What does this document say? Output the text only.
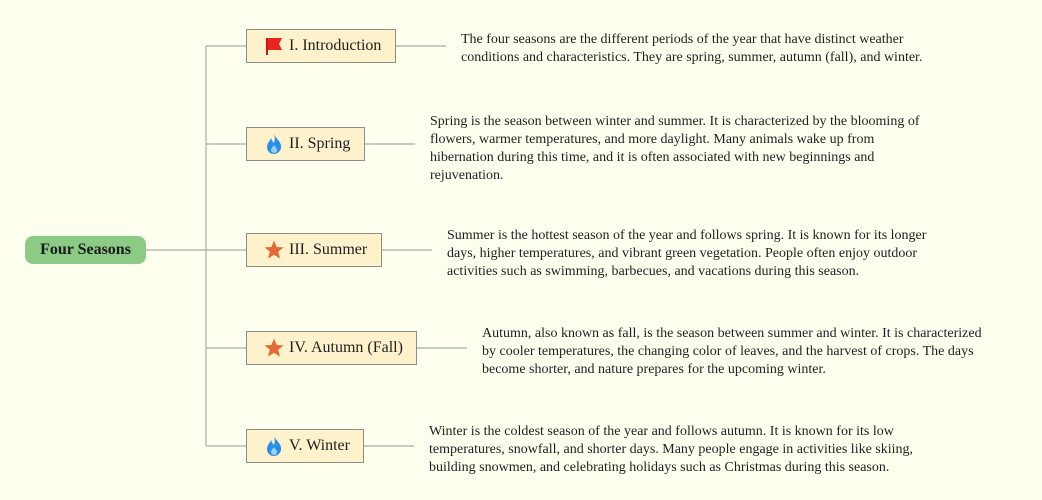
Four Seasons
I. Introduction	The four seasons are the different periods of the year that have distinct weather conditions and characteristics. They are spring, summer, autumn (fall), and winter.
II. Spring
Spring is the season between winter and summer. It is characterized by the blooming of flowers, warmer temperatures, and more daylight. Many animals wake up from hibernation during this time, and it is often associated with new beginnings and rejuvenation.
III. Summer
Summer is the hottest season of the year and follows spring. It is known for its longer days, higher temperatures, and vibrant green vegetation. People often enjoy outdoor activities such as swimming, barbecues, and vacations during this season.
IV. Autumn (Fall)
Autumn, also known as fall, is the season between summer and winter. It is characterized by cooler temperatures, the changing color of leaves, and the harvest of crops. The days become shorter, and nature prepares for the upcoming winter.
V. Winter
Winter is the coldest season of the year and follows autumn. It is known for its low temperatures, snowfall, and shorter days. Many people engage in activities like skiing, building snowmen, and celebrating holidays such as Christmas during this season.
